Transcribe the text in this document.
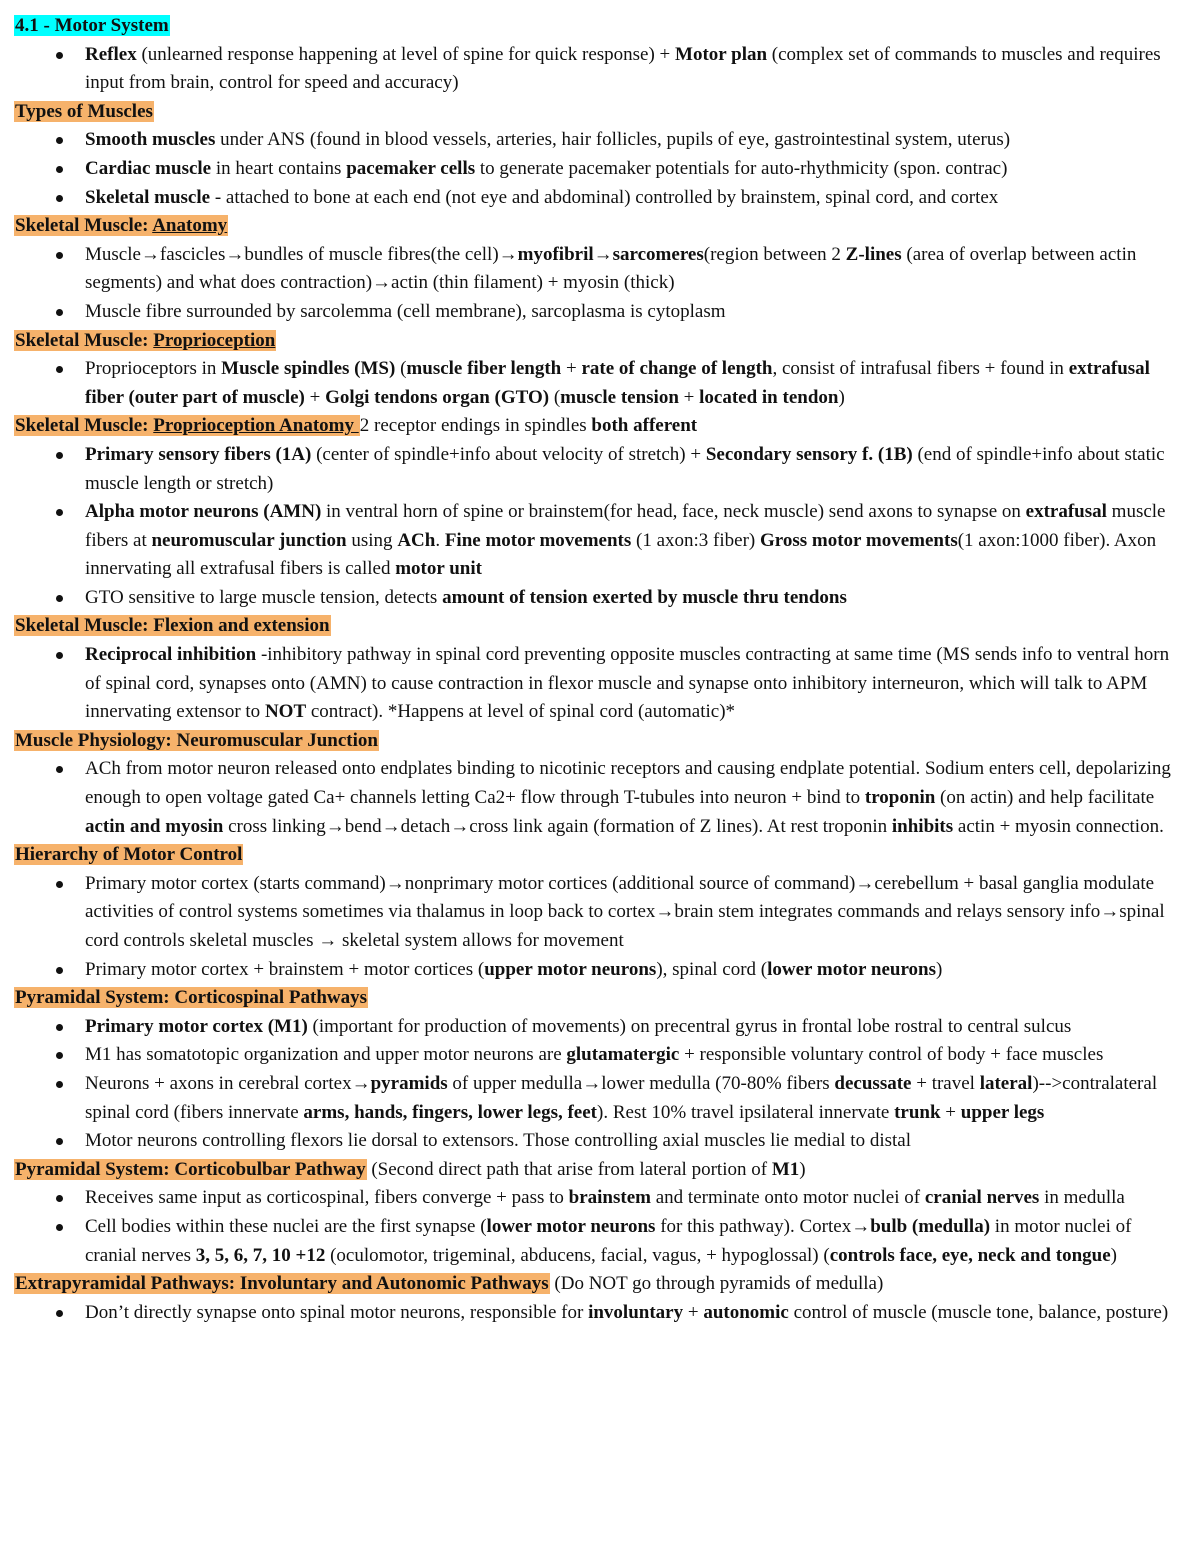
4.1 - Motor System
Reflex (unlearned response happening at level of spine for quick response) + Motor plan (complex set of commands to muscles and requires input from brain, control for speed and accuracy)
Types of Muscles
Smooth muscles under ANS (found in blood vessels, arteries, hair follicles, pupils of eye, gastrointestinal system, uterus)
Cardiac muscle in heart contains pacemaker cells to generate pacemaker potentials for auto-rhythmicity (spon. contrac)
Skeletal muscle - attached to bone at each end (not eye and abdominal) controlled by brainstem, spinal cord, and cortex
Skeletal Muscle: Anatomy
Muscle→fascicles→bundles of muscle fibres(the cell)→myofibril→sarcomeres(region between 2 Z-lines (area of overlap between actin segments) and what does contraction)→actin (thin filament) + myosin (thick)
Muscle fibre surrounded by sarcolemma (cell membrane), sarcoplasma is cytoplasm
Skeletal Muscle: Proprioception
Proprioceptors in Muscle spindles (MS) (muscle fiber length + rate of change of length, consist of intrafusal fibers + found in extrafusal fiber (outer part of muscle) + Golgi tendons organ (GTO) (muscle tension + located in tendon)
Skeletal Muscle: Proprioception Anatomy 2 receptor endings in spindles both afferent
Primary sensory fibers (1A) (center of spindle+info about velocity of stretch) + Secondary sensory f. (1B) (end of spindle+info about static muscle length or stretch)
Alpha motor neurons (AMN) in ventral horn of spine or brainstem(for head, face, neck muscle) send axons to synapse on extrafusal muscle fibers at neuromuscular junction using ACh. Fine motor movements (1 axon:3 fiber) Gross motor movements(1 axon:1000 fiber). Axon innervating all extrafusal fibers is called motor unit
GTO sensitive to large muscle tension, detects amount of tension exerted by muscle thru tendons
Skeletal Muscle: Flexion and extension
Reciprocal inhibition -inhibitory pathway in spinal cord preventing opposite muscles contracting at same time (MS sends info to ventral horn of spinal cord, synapses onto (AMN) to cause contraction in flexor muscle and synapse onto inhibitory interneuron, which will talk to APM innervating extensor to NOT contract). *Happens at level of spinal cord (automatic)*
Muscle Physiology: Neuromuscular Junction
ACh from motor neuron released onto endplates binding to nicotinic receptors and causing endplate potential. Sodium enters cell, depolarizing enough to open voltage gated Ca+ channels letting Ca2+ flow through T-tubules into neuron + bind to troponin (on actin) and help facilitate actin and myosin cross linking→bend→detach→cross link again (formation of Z lines). At rest troponin inhibits actin + myosin connection.
Hierarchy of Motor Control
Primary motor cortex (starts command)→nonprimary motor cortices (additional source of command)→cerebellum + basal ganglia modulate activities of control systems sometimes via thalamus in loop back to cortex→brain stem integrates commands and relays sensory info→spinal cord controls skeletal muscles → skeletal system allows for movement
Primary motor cortex + brainstem + motor cortices (upper motor neurons), spinal cord (lower motor neurons)
Pyramidal System: Corticospinal Pathways
Primary motor cortex (M1) (important for production of movements) on precentral gyrus in frontal lobe rostral to central sulcus
M1 has somatotopic organization and upper motor neurons are glutamatergic + responsible voluntary control of body + face muscles
Neurons + axons in cerebral cortex→pyramids of upper medulla→lower medulla (70-80% fibers decussate + travel lateral)-->contralateral spinal cord (fibers innervate arms, hands, fingers, lower legs, feet). Rest 10% travel ipsilateral innervate trunk + upper legs
Motor neurons controlling flexors lie dorsal to extensors. Those controlling axial muscles lie medial to distal
Pyramidal System: Corticobulbar Pathway (Second direct path that arise from lateral portion of M1)
Receives same input as corticospinal, fibers converge + pass to brainstem and terminate onto motor nuclei of cranial nerves in medulla
Cell bodies within these nuclei are the first synapse (lower motor neurons for this pathway). Cortex→bulb (medulla) in motor nuclei of cranial nerves 3, 5, 6, 7, 10 +12 (oculomotor, trigeminal, abducens, facial, vagus, + hypoglossal) (controls face, eye, neck and tongue)
Extrapyramidal Pathways: Involuntary and Autonomic Pathways (Do NOT go through pyramids of medulla)
Don’t directly synapse onto spinal motor neurons, responsible for involuntary + autonomic control of muscle (muscle tone, balance, posture)
